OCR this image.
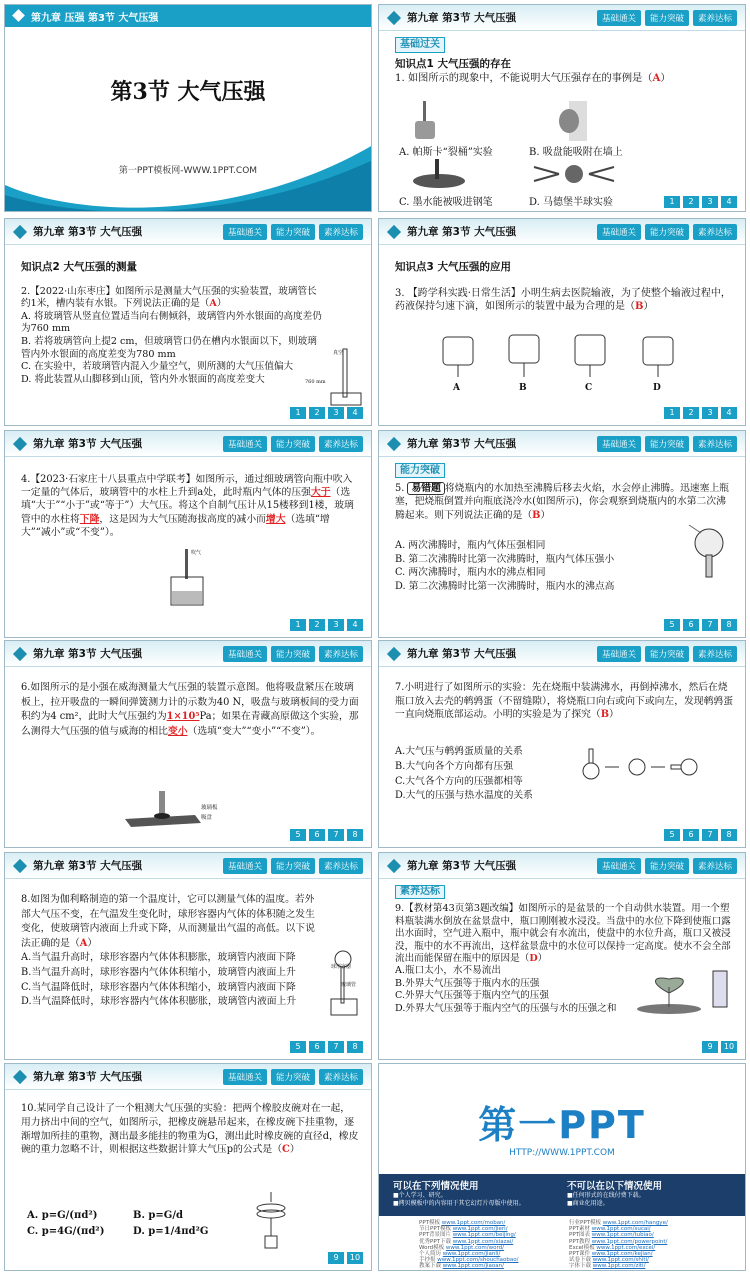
第九章 压强 第3节 大气压强
第3节 大气压强
第一PPT模板网-WWW.1PPT.COM
第九章 第3节 大气压强	基础通关	能力突破	素养达标
基础过关

知识点1 大气压强的存在

1. 如图所示的现象中，不能说明大气压强存在的事例是（A）

A. 帕斯卡“裂桶”实验	B. 吸盘能吸附在墙上
C. 墨水能被吸进钢笔	D. 马德堡半球实验	1	2	3	4
第九章 第3节 大气压强	基础通关	能力突破	素养达标

知识点2 大气压强的测量

2.【2022·山东枣庄】如图所示是测量大气压强的实验装置，玻璃管长约1米，槽内装有水银。下列说法正确的是（A）

A. 将玻璃管从竖直位置适当向右侧倾斜，玻璃管内外水银面的高度差仍为760 mm

B. 若将玻璃管向上提2 cm，但玻璃管口仍在槽内水银面以下，则玻璃管内外水银面的高度差变为780 mm

C. 在实验中，若玻璃管内混入少量空气，则所测的大气压值偏大

D. 将此装置从山脚移到山顶，管内外水银面的高度差变大

真空
760 mm
1	2	3	4
第九章 第3节 大气压强	基础通关	能力突破	素养达标

知识点3 大气压强的应用

3. 【跨学科实践·日常生活】小明生病去医院输液，为了使整个输液过程中，药液保持匀速下滴，如图所示的装置中最为合理的是（B）

A	B	C	D
1	2	3	4
第九章 第3节 大气压强	基础通关	能力突破	素养达标

4.【2023·石家庄十八县重点中学联考】如图所示，通过细玻璃管向瓶中吹入一定量的气体后，玻璃管中的水柱上升到a处，此时瓶内气体的压强大于（选填“大于”“小于”或“等于”）大气压。将这个自制气压计从15楼移到1楼，玻璃管中的水柱将下降，这是因为大气压随海拔高度的减小而增大（选填“增大”“减小”或“不变”）。

吹气
1	2	3	4
第九章 第3节 大气压强	基础通关	能力突破	素养达标
能力突破

5. 易错题 将烧瓶内的水加热至沸腾后移去火焰，水会停止沸腾。迅速塞上瓶塞，把烧瓶倒置并向瓶底浇冷水(如图所示)，你会观察到烧瓶内的水第二次沸腾起来。则下列说法正确的是（B）

A. 两次沸腾时，瓶内气体压强相同

B. 第二次沸腾时比第一次沸腾时，瓶内气体压强小

C. 两次沸腾时，瓶内水的沸点相同

D. 第二次沸腾时比第一次沸腾时，瓶内水的沸点高

5	6	7	8
第九章 第3节 大气压强	基础通关	能力突破	素养达标

6.如图所示的是小强在威海测量大气压强的装置示意图。他将吸盘紧压在玻璃板上，拉开吸盘的一瞬间弹簧测力计的示数为40 N，吸盘与玻璃板间的受力面积约为4 cm²，此时大气压强约为1×10⁵Pa；如果在青藏高原做这个实验，那么测得大气压强的值与威海的相比变小（选填“变大”“变小”“不变”）。

玻璃板
吸盘
5	6	7	8
第九章 第3节 大气压强	基础通关	能力突破	素养达标

7.小明进行了如图所示的实验：先在烧瓶中装满沸水，再倒掉沸水，然后在烧瓶口放入去壳的鹌鹑蛋（不留缝隙），将烧瓶口向右或向下或向左，发现鹌鹑蛋一直向烧瓶底部运动。小明的实验是为了探究（B）

A.大气压与鹌鹑蛋质量的关系

B.大气向各个方向都有压强

C.大气各个方向的压强都相等

D.大气的压强与热水温度的关系

5	6	7	8
第九章 第3节 大气压强	基础通关	能力突破	素养达标

8.如图为伽利略制造的第一个温度计，它可以测量气体的温度。若外部大气压不变，在气温发生变化时，球形容器内气体的体积随之发生变化，使玻璃管内液面上升或下降，从而测量出气温的高低。以下说法正确的是（A）

A.当气温升高时，球形容器内气体体积膨胀，玻璃管内液面下降

B.当气温升高时，球形容器内气体体积缩小，玻璃管内液面上升

C.当气温降低时，球形容器内气体体积缩小，玻璃管内液面下降

D.当气温降低时，球形容器内气体体积膨胀，玻璃管内液面上升

球形容器
玻璃管
5	6	7	8
第九章 第3节 大气压强	基础通关	能力突破	素养达标
素养达标

9.【教材第43页第3题改编】如图所示的是盆景的一个自动供水装置。用一个塑料瓶装满水倒放在盆景盘中，瓶口刚刚被水浸没。当盘中的水位下降到使瓶口露出水面时，空气进入瓶中，瓶中就会有水流出，使盘中的水位升高，瓶口又被浸没，瓶中的水不再流出，这样盆景盘中的水位可以保持一定高度。使水不会全部流出而能保留在瓶中的原因是（D）

A.瓶口太小，水不易流出

B.外界大气压强等于瓶内水的压强

C.外界大气压强等于瓶内空气的压强

D.外界大气压强等于瓶内空气的压强与水的压强之和

9	10
第九章 第3节 大气压强	基础通关	能力突破	素养达标

10.某同学自己设计了一个粗测大气压强的实验：把两个橡胶皮碗对在一起，用力挤出中间的空气，如图所示，把橡皮碗悬吊起来，在橡皮碗下挂重物，逐渐增加所挂的重物，测出最多能挂的物重为G，测出此时橡皮碗的直径d，橡皮碗的重力忽略不计，则根据这些数据计算大气压p的公式是（C）

A. p=G/(πd²)	B. p=G/d
C. p=4G/(πd²)	D. p=1/4πd²G
9	10
第一PPT
HTTP://WWW.1PPT.COM
可以在下列情况使用
■个人学习、研究。
■拷贝模板中的内容用于其它幻灯片母版中使用。
不可以在以下情况使用
■任何形式的在线付费下载。
■商业化用途。
PPT模板 www.1ppt.com/moban/
节日PPT模板 www.1ppt.com/jieri/
PPT背景图片 www.1ppt.com/beijing/
优秀PPT下载 www.1ppt.com/xiazai/
Word模板 www.1ppt.com/word/
个人简历 www.1ppt.com/jianli/
手抄报 www.1ppt.com/shouchaobao/
教案下载 www.1ppt.com/jiaoan/
行业PPT模板 www.1ppt.com/hangye/
PPT素材 www.1ppt.com/sucai/
PPT图表 www.1ppt.com/tubiao/
PPT教程 www.1ppt.com/powerpoint/
Excel模板 www.1ppt.com/excel/
PPT课件 www.1ppt.com/kejian/
试卷下载 www.1ppt.com/shiti/
字体下载 www.1ppt.com/ziti/
